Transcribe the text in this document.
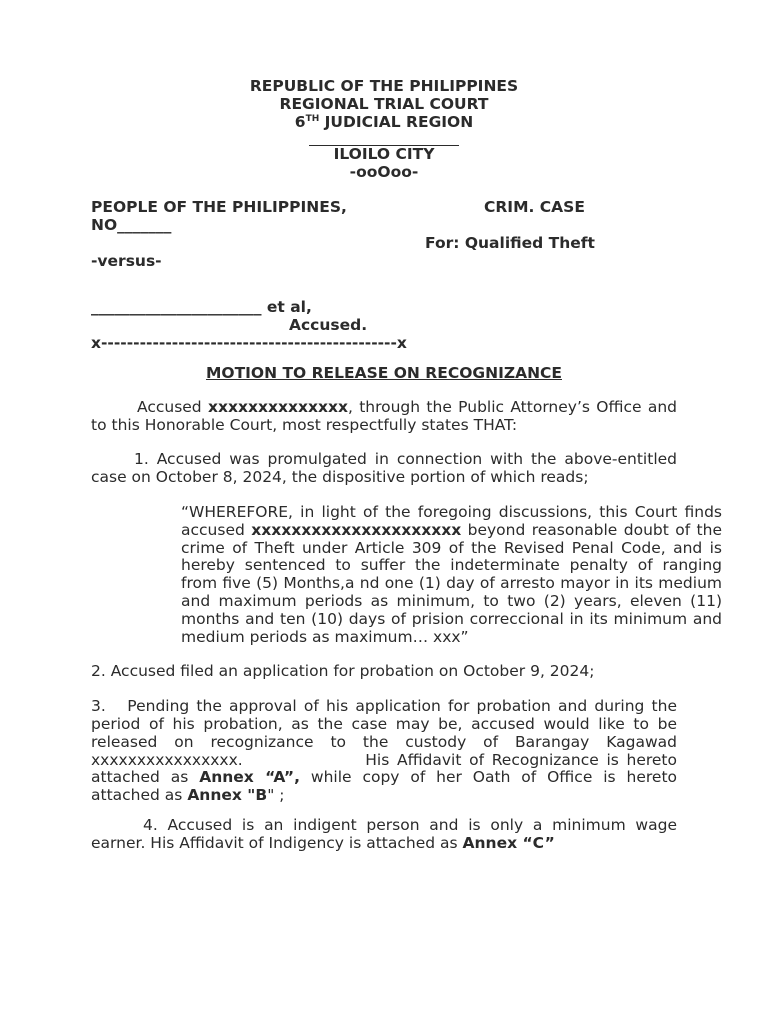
REPUBLIC OF THE PHILIPPINES
REGIONAL TRIAL COURT
6TH JUDICIAL REGION
ILOILO CITY
-ooOoo-
PEOPLE OF THE PHILIPPINES,	CRIM. CASE
NO_______
For: Qualified Theft
-versus-
______________________ et al,
Accused.
x----------------------------------------------x

MOTION TO RELEASE ON RECOGNIZANCE

Accused xxxxxxxxxxxxxx, through the Public Attorney’s Office and to this Honorable Court, most respectfully states THAT:

1. Accused was promulgated in connection with the above-entitled case on October 8, 2024, the dispositive portion of which reads;

“WHEREFORE, in light of the foregoing discussions, this Court finds accused xxxxxxxxxxxxxxxxxxxxx beyond reasonable doubt of the crime of Theft under Article 309 of the Revised Penal Code, and is hereby sentenced to suffer the indeterminate penalty of ranging from five (5) Months,a nd one (1) day of arresto mayor in its medium and maximum periods as minimum, to two (2) years, eleven (11) months and ten (10) days of prision correccional in its minimum and medium periods as maximum… xxx”

2. Accused filed an application for probation on October 9, 2024;

3.   Pending the approval of his application for probation and during the period of his probation, as the case may be, accused would like to be released on recognizance to the custody of Barangay Kagawad xxxxxxxxxxxxxxxx.                His Affidavit of Recognizance is hereto attached as Annex “A”, while copy of her Oath of Office is hereto attached as Annex "B" ;

4. Accused is an indigent person and is only a minimum wage earner. His Affidavit of Indigency is attached as Annex “C”
